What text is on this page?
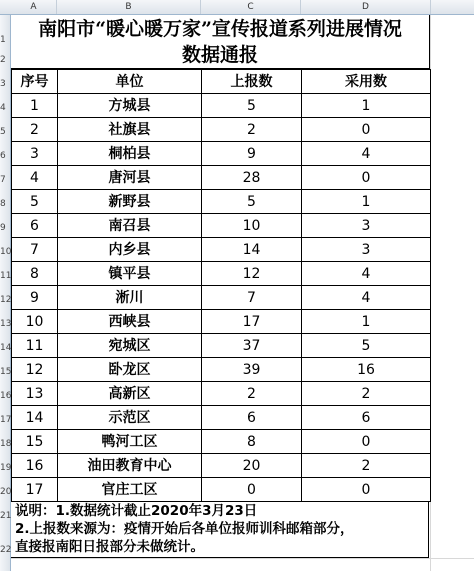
A	B	C	D
1
2
3
4
5
6
7
8
9
10
11
12
13
14
15
16
17
18
19
20
21
22
南阳市“暖心暖万家”宣传报道系列进展情况
数据通报
序号	单位	上报数	采用数
1	方城县	5	1
2	社旗县	2	0
3	桐柏县	9	4
4	唐河县	28	0
5	新野县	5	1
6	南召县	10	3
7	内乡县	14	3
8	镇平县	12	4
9	淅川	7	4
10	西峡县	17	1
11	宛城区	37	5
12	卧龙区	39	16
13	高新区	2	2
14	示范区	6	6
15	鸭河工区	8	0
16	油田教育中心	20	2
17	官庄工区	0	0
说明：1.数据统计截止2020年3月23日
2.上报数来源为：疫情开始后各单位报师训科邮箱部分，
直接报南阳日报部分未做统计。
